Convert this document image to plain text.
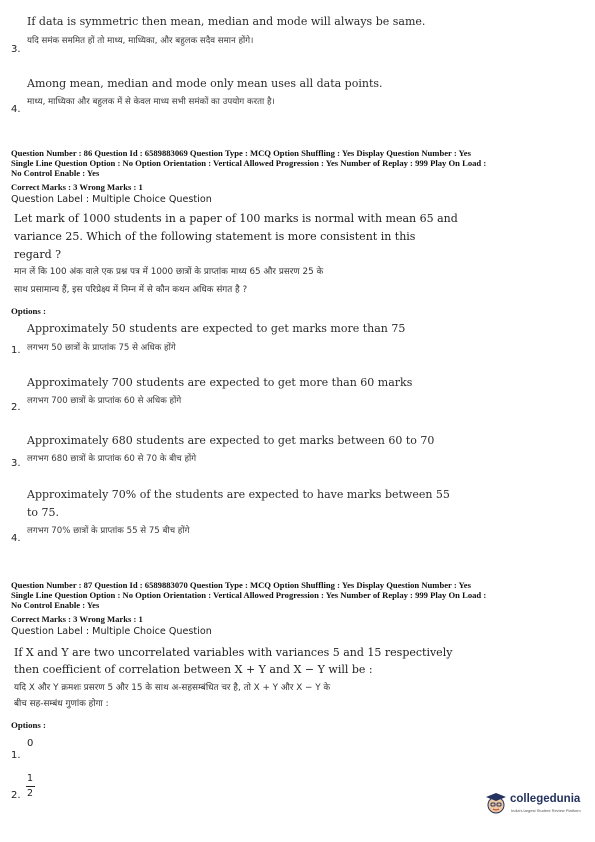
If data is symmetric then mean, median and mode will always be same.
यदि समंक सममित हों तो माध्य, माध्यिका, और बहुलक सदैव समान होंगे।
3.
Among mean, median and mode only mean uses all data points.
माध्य, माध्यिका और बहुलक में से केवल माध्य सभी समंकों का उपयोग करता है।
4.
Question Number : 86 Question Id : 6589883069 Question Type : MCQ Option Shuffling : Yes Display Question Number : Yes
Single Line Question Option : No Option Orientation : Vertical Allowed Progression : Yes Number of Replay : 999 Play On Load :
No Control Enable : Yes
Correct Marks : 3 Wrong Marks : 1
Question Label : Multiple Choice Question
Let mark of 1000 students in a paper of 100 marks is normal with mean 65 and
variance 25. Which of the following statement is more consistent in this
regard ?
मान लें कि 100 अंक वाले एक प्रश्न पत्र में 1000 छात्रों के प्राप्तांक माध्य 65 और प्रसरण 25 के
साथ प्रसामान्य हैं, इस परिप्रेक्ष्य में निम्न में से कौन कथन अधिक संगत है ?
Options :
Approximately 50 students are expected to get marks more than 75
लगभग 50 छात्रों के प्राप्तांक 75 से अधिक होंगे
1.
Approximately 700 students are expected to get more than 60 marks
लगभग 700 छात्रों के प्राप्तांक 60 से अधिक होंगे
2.
Approximately 680 students are expected to get marks between 60 to 70
लगभग 680 छात्रों के प्राप्तांक 60 से 70 के बीच होंगे
3.
Approximately 70% of the students are expected to have marks between 55
to 75.
लगभग 70% छात्रों के प्राप्तांक 55 से 75 बीच होंगे
4.
Question Number : 87 Question Id : 6589883070 Question Type : MCQ Option Shuffling : Yes Display Question Number : Yes
Single Line Question Option : No Option Orientation : Vertical Allowed Progression : Yes Number of Replay : 999 Play On Load :
No Control Enable : Yes
Correct Marks : 3 Wrong Marks : 1
Question Label : Multiple Choice Question
If X and Y are two uncorrelated variables with variances 5 and 15 respectively
then coefficient of correlation between X + Y and X − Y will be :
यदि X और Y क्रमशः प्रसरण 5 और 15 के साथ अ-सहसम्बंधित चर है, तो X + Y और X − Y के
बीच सह-सम्बंध गुणांक होगा :
Options :
0
1.
1
2
2.	collegedunia
India's largest Student Review Platform
